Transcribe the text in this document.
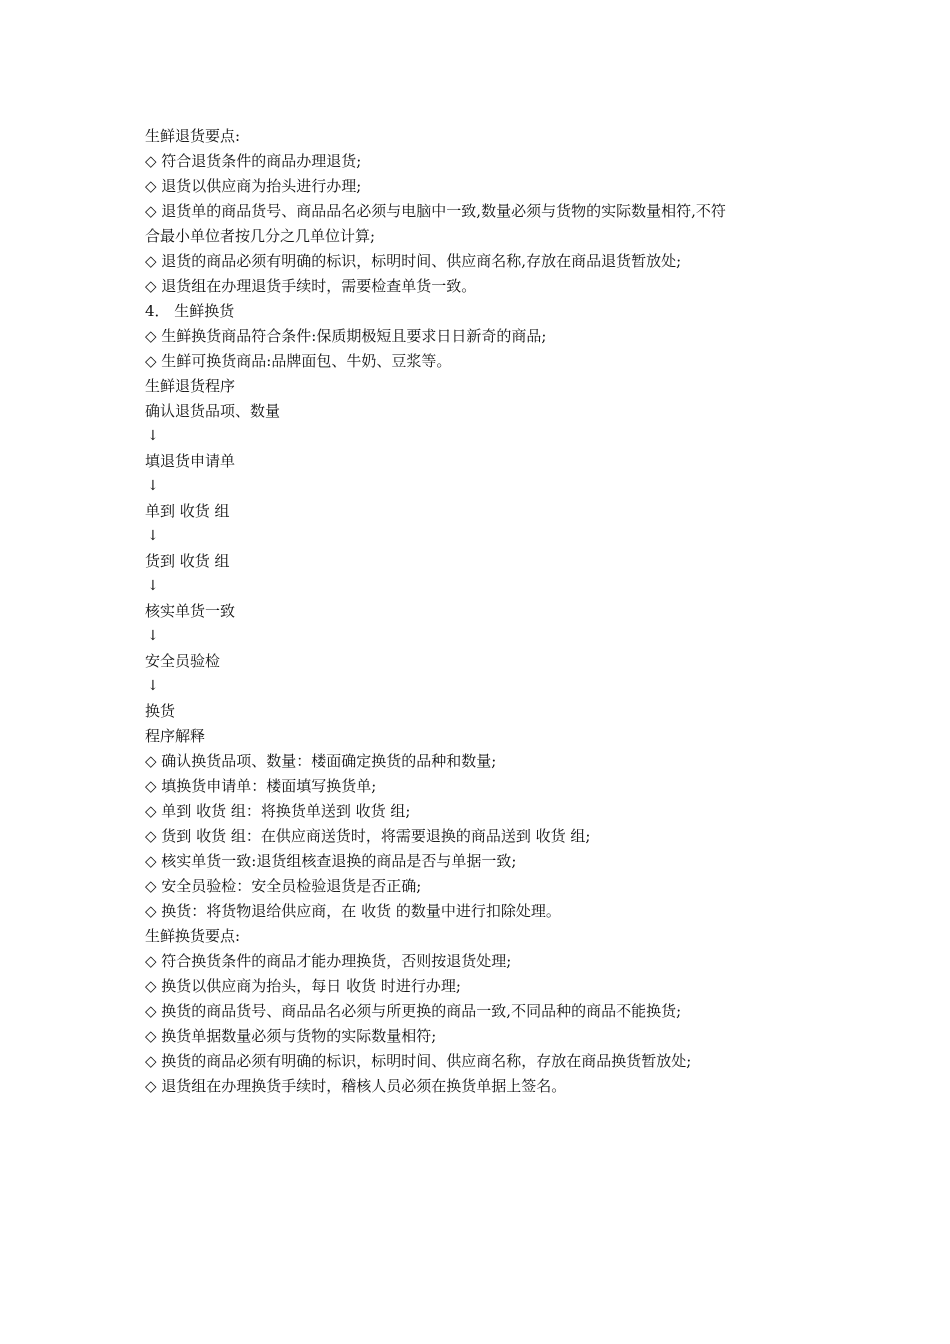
生鲜退货要点:
◇ 符合退货条件的商品办理退货;
◇ 退货以供应商为抬头进行办理;
◇ 退货单的商品货号、商品品名必须与电脑中一致,数量必须与货物的实际数量相符,不符
合最小单位者按几分之几单位计算;
◇ 退货的商品必须有明确的标识，标明时间、供应商名称,存放在商品退货暂放处;
◇ 退货组在办理退货手续时，需要检查单货一致。
4． 生鲜换货
◇ 生鲜换货商品符合条件:保质期极短且要求日日新奇的商品;
◇ 生鲜可换货商品:品牌面包、牛奶、豆浆等。
生鲜退货程序
确认退货品项、数量
↓
填退货申请单
↓
单到 收货 组
↓
货到 收货 组
↓
核实单货一致
↓
安全员验检
↓
换货
程序解释
◇ 确认换货品项、数量：楼面确定换货的品种和数量;
◇ 填换货申请单：楼面填写换货单;
◇ 单到 收货 组：将换货单送到 收货 组;
◇ 货到 收货 组：在供应商送货时，将需要退换的商品送到 收货 组;
◇ 核实单货一致:退货组核查退换的商品是否与单据一致;
◇ 安全员验检：安全员检验退货是否正确;
◇ 换货：将货物退给供应商，在 收货 的数量中进行扣除处理。
生鲜换货要点:
◇ 符合换货条件的商品才能办理换货，否则按退货处理;
◇ 换货以供应商为抬头，每日 收货 时进行办理;
◇ 换货的商品货号、商品品名必须与所更换的商品一致,不同品种的商品不能换货;
◇ 换货单据数量必须与货物的实际数量相符;
◇ 换货的商品必须有明确的标识，标明时间、供应商名称，存放在商品换货暂放处;
◇ 退货组在办理换货手续时，稽核人员必须在换货单据上签名。
